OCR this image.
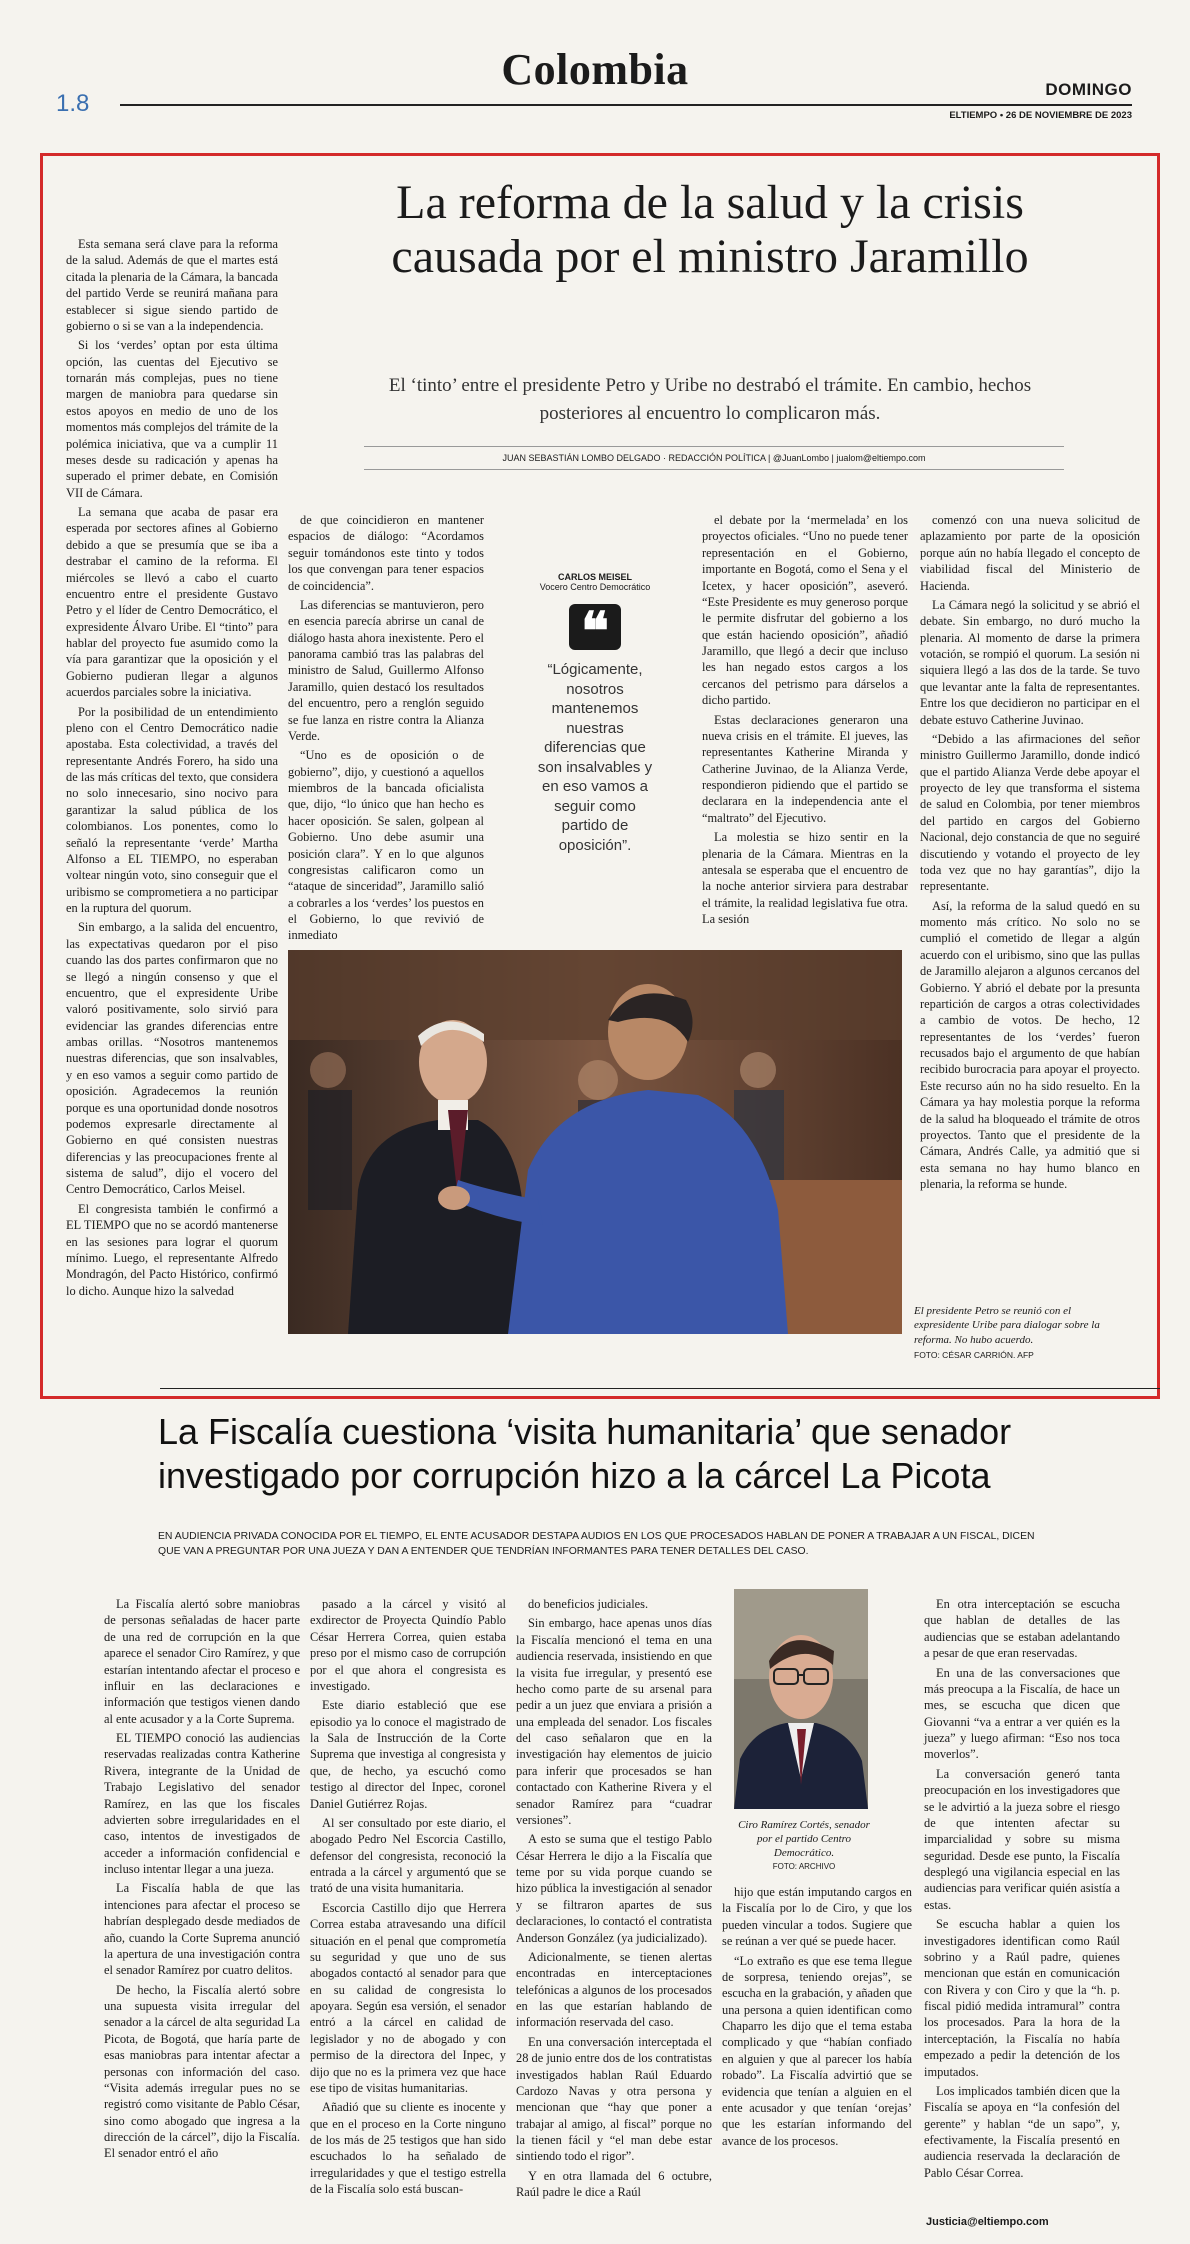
1.8
Colombia	DOMINGO
ELTIEMPO • 26 DE NOVIEMBRE DE 2023
La reforma de la salud y la crisis causada por el ministro Jaramillo
El ‘tinto’ entre el presidente Petro y Uribe no destrabó el trámite. En cambio, hechos posteriores al encuentro lo complicaron más.
JUAN SEBASTIÁN LOMBO DELGADO · REDACCIÓN POLÍTICA | @JuanLombo | jualom@eltiempo.com

Esta semana será clave para la reforma de la salud. Además de que el martes está citada la plenaria de la Cámara, la bancada del partido Verde se reunirá mañana para establecer si sigue siendo partido de gobierno o si se van a la independencia.

Si los ‘verdes’ optan por esta última opción, las cuentas del Ejecutivo se tornarán más complejas, pues no tiene margen de maniobra para quedarse sin estos apoyos en medio de uno de los momentos más complejos del trámite de la polémica iniciativa, que va a cumplir 11 meses desde su radicación y apenas ha superado el primer debate, en Comisión VII de Cámara.

La semana que acaba de pasar era esperada por sectores afines al Gobierno debido a que se presumía que se iba a destrabar el camino de la reforma. El miércoles se llevó a cabo el cuarto encuentro entre el presidente Gustavo Petro y el líder de Centro Democrático, el expresidente Álvaro Uribe. El “tinto” para hablar del proyecto fue asumido como la vía para garantizar que la oposición y el Gobierno pudieran llegar a algunos acuerdos parciales sobre la iniciativa.

Por la posibilidad de un entendimiento pleno con el Centro Democrático nadie apostaba. Esta colectividad, a través del representante Andrés Forero, ha sido una de las más críticas del texto, que considera no solo innecesario, sino nocivo para garantizar la salud pública de los colombianos. Los ponentes, como lo señaló la representante ‘verde’ Martha Alfonso a EL TIEMPO, no esperaban voltear ningún voto, sino conseguir que el uribismo se comprometiera a no participar en la ruptura del quorum.

Sin embargo, a la salida del encuentro, las expectativas quedaron por el piso cuando las dos partes confirmaron que no se llegó a ningún consenso y que el encuentro, que el expresidente Uribe valoró positivamente, solo sirvió para evidenciar las grandes diferencias entre ambas orillas. “Nosotros mantenemos nuestras diferencias, que son insalvables, y en eso vamos a seguir como partido de oposición. Agradecemos la reunión porque es una oportunidad donde nosotros podemos expresarle directamente al Gobierno en qué consisten nuestras diferencias y las preocupaciones frente al sistema de salud”, dijo el vocero del Centro Democrático, Carlos Meisel.

El congresista también le confirmó a EL TIEMPO que no se acordó mantenerse en las sesiones para lograr el quorum mínimo. Luego, el representante Alfredo Mondragón, del Pacto Histórico, confirmó lo dicho. Aunque hizo la salvedad

de que coincidieron en mantener espacios de diálogo: “Acordamos seguir tomándonos este tinto y todos los que convengan para tener espacios de coincidencia”.

Las diferencias se mantuvieron, pero en esencia parecía abrirse un canal de diálogo hasta ahora inexistente. Pero el panorama cambió tras las palabras del ministro de Salud, Guillermo Alfonso Jaramillo, quien destacó los resultados del encuentro, pero a renglón seguido se fue lanza en ristre contra la Alianza Verde.

“Uno es de oposición o de gobierno”, dijo, y cuestionó a aquellos miembros de la bancada oficialista que, dijo, “lo único que han hecho es hacer oposición. Se salen, golpean al Gobierno. Uno debe asumir una posición clara”. Y en lo que algunos congresistas calificaron como un “ataque de sinceridad”, Jaramillo salió a cobrarles a los ‘verdes’ los puestos en el Gobierno, lo que revivió de inmediato

el debate por la ‘mermelada’ en los proyectos oficiales. “Uno no puede tener representación en el Gobierno, importante en Bogotá, como el Sena y el Icetex, y hacer oposición”, aseveró. “Este Presidente es muy generoso porque le permite disfrutar del gobierno a los que están haciendo oposición”, añadió Jaramillo, que llegó a decir que incluso les han negado estos cargos a los cercanos del petrismo para dárselos a dicho partido.

Estas declaraciones generaron una nueva crisis en el trámite. El jueves, las representantes Katherine Miranda y Catherine Juvinao, de la Alianza Verde, respondieron pidiendo que el partido se declarara en la independencia ante el “maltrato” del Ejecutivo.

La molestia se hizo sentir en la plenaria de la Cámara. Mientras en la antesala se esperaba que el encuentro de la noche anterior sirviera para destrabar el trámite, la realidad legislativa fue otra. La sesión

comenzó con una nueva solicitud de aplazamiento por parte de la oposición porque aún no había llegado el concepto de viabilidad fiscal del Ministerio de Hacienda.

La Cámara negó la solicitud y se abrió el debate. Sin embargo, no duró mucho la plenaria. Al momento de darse la primera votación, se rompió el quorum. La sesión ni siquiera llegó a las dos de la tarde. Se tuvo que levantar ante la falta de representantes. Entre los que decidieron no participar en el debate estuvo Catherine Juvinao.

“Debido a las afirmaciones del señor ministro Guillermo Jaramillo, donde indicó que el partido Alianza Verde debe apoyar el proyecto de ley que transforma el sistema de salud en Colombia, por tener miembros del partido en cargos del Gobierno Nacional, dejo constancia de que no seguiré discutiendo y votando el proyecto de ley toda vez que no hay garantías”, dijo la representante.

Así, la reforma de la salud quedó en su momento más crítico. No solo no se cumplió el cometido de llegar a algún acuerdo con el uribismo, sino que las pullas de Jaramillo alejaron a algunos cercanos del Gobierno. Y abrió el debate por la presunta repartición de cargos a otras colectividades a cambio de votos. De hecho, 12 representantes de los ‘verdes’ fueron recusados bajo el argumento de que habían recibido burocracia para apoyar el proyecto. Este recurso aún no ha sido resuelto. En la Cámara ya hay molestia porque la reforma de la salud ha bloqueado el trámite de otros proyectos. Tanto que el presidente de la Cámara, Andrés Calle, ya admitió que si esta semana no hay humo blanco en plenaria, la reforma se hunde.

CARLOS MEISEL
Vocero Centro Democrático
❝
“Lógicamente, nosotros mantenemos nuestras diferencias que son insalvables y en eso vamos a seguir como partido de oposición”.
El presidente Petro se reunió con el expresidente Uribe para dialogar sobre la reforma. No hubo acuerdo.
FOTO: CÉSAR CARRIÓN. AFP
La Fiscalía cuestiona ‘visita humanitaria’ que senador investigado por corrupción hizo a la cárcel La Picota
EN AUDIENCIA PRIVADA CONOCIDA POR EL TIEMPO, EL ENTE ACUSADOR DESTAPA AUDIOS EN LOS QUE PROCESADOS HABLAN DE PONER A TRABAJAR A UN FISCAL, DICEN QUE VAN A PREGUNTAR POR UNA JUEZA Y DAN A ENTENDER QUE TENDRÍAN INFORMANTES PARA TENER DETALLES DEL CASO.

La Fiscalía alertó sobre maniobras de personas señaladas de hacer parte de una red de corrupción en la que aparece el senador Ciro Ramírez, y que estarían intentando afectar el proceso e influir en las declaraciones e información que testigos vienen dando al ente acusador y a la Corte Suprema.

EL TIEMPO conoció las audiencias reservadas realizadas contra Katherine Rivera, integrante de la Unidad de Trabajo Legislativo del senador Ramírez, en las que los fiscales advierten sobre irregularidades en el caso, intentos de investigados de acceder a información confidencial e incluso intentar llegar a una jueza.

La Fiscalía habla de que las intenciones para afectar el proceso se habrían desplegado desde mediados de año, cuando la Corte Suprema anunció la apertura de una investigación contra el senador Ramírez por cuatro delitos.

De hecho, la Fiscalía alertó sobre una supuesta visita irregular del senador a la cárcel de alta seguridad La Picota, de Bogotá, que haría parte de esas maniobras para intentar afectar a personas con información del caso. “Visita además irregular pues no se registró como visitante de Pablo César, sino como abogado que ingresa a la dirección de la cárcel”, dijo la Fiscalía. El senador entró el año

pasado a la cárcel y visitó al exdirector de Proyecta Quindío Pablo César Herrera Correa, quien estaba preso por el mismo caso de corrupción por el que ahora el congresista es investigado.

Este diario estableció que ese episodio ya lo conoce el magistrado de la Sala de Instrucción de la Corte Suprema que investiga al congresista y que, de hecho, ya escuchó como testigo al director del Inpec, coronel Daniel Gutiérrez Rojas.

Al ser consultado por este diario, el abogado Pedro Nel Escorcia Castillo, defensor del congresista, reconoció la entrada a la cárcel y argumentó que se trató de una visita humanitaria.

Escorcia Castillo dijo que Herrera Correa estaba atravesando una difícil situación en el penal que comprometía su seguridad y que uno de sus abogados contactó al senador para que en su calidad de congresista lo apoyara. Según esa versión, el senador entró a la cárcel en calidad de legislador y no de abogado y con permiso de la directora del Inpec, y dijo que no es la primera vez que hace ese tipo de visitas humanitarias.

Añadió que su cliente es inocente y que en el proceso en la Corte ninguno de los más de 25 testigos que han sido escuchados lo ha señalado de irregularidades y que el testigo estrella de la Fiscalía solo está buscan-

do beneficios judiciales.

Sin embargo, hace apenas unos días la Fiscalía mencionó el tema en una audiencia reservada, insistiendo en que la visita fue irregular, y presentó ese hecho como parte de su arsenal para pedir a un juez que enviara a prisión a una empleada del senador. Los fiscales del caso señalaron que en la investigación hay elementos de juicio para inferir que procesados se han contactado con Katherine Rivera y el senador Ramírez para “cuadrar versiones”.

A esto se suma que el testigo Pablo César Herrera le dijo a la Fiscalía que teme por su vida porque cuando se hizo pública la investigación al senador y se filtraron apartes de sus declaraciones, lo contactó el contratista Anderson González (ya judicializado).

Adicionalmente, se tienen alertas encontradas en interceptaciones telefónicas a algunos de los procesados en las que estarían hablando de información reservada del caso.

En una conversación interceptada el 28 de junio entre dos de los contratistas investigados hablan Raúl Eduardo Cardozo Navas y otra persona y mencionan que “hay que poner a trabajar al amigo, al fiscal” porque no la tienen fácil y “el man debe estar sintiendo todo el rigor”.

Y en otra llamada del 6 octubre, Raúl padre le dice a Raúl

hijo que están imputando cargos en la Fiscalía por lo de Ciro, y que los pueden vincular a todos. Sugiere que se reúnan a ver qué se puede hacer.

“Lo extraño es que ese tema llegue de sorpresa, teniendo orejas”, se escucha en la grabación, y añaden que una persona a quien identifican como Chaparro les dijo que el tema estaba complicado y que “habían confiado en alguien y que al parecer los había robado”. La Fiscalía advirtió que se evidencia que tenían a alguien en el ente acusador y que tenían ‘orejas’ que les estarían informando del avance de los procesos.

En otra interceptación se escucha que hablan de detalles de las audiencias que se estaban adelantando a pesar de que eran reservadas.

En una de las conversaciones que más preocupa a la Fiscalía, de hace un mes, se escucha que dicen que Giovanni “va a entrar a ver quién es la jueza” y luego afirman: “Eso nos toca moverlos”.

La conversación generó tanta preocupación en los investigadores que se le advirtió a la jueza sobre el riesgo de que intenten afectar su imparcialidad y sobre su misma seguridad. Desde ese punto, la Fiscalía desplegó una vigilancia especial en las audiencias para verificar quién asistía a estas.

Se escucha hablar a quien los investigadores identifican como Raúl sobrino y a Raúl padre, quienes mencionan que están en comunicación con Rivera y con Ciro y que la “h. p. fiscal pidió medida intramural” contra los procesados. Para la hora de la interceptación, la Fiscalía no había empezado a pedir la detención de los imputados.

Los implicados también dicen que la Fiscalía se apoya en “la confesión del gerente” y hablan “de un sapo”, y, efectivamente, la Fiscalía presentó en audiencia reservada la declaración de Pablo César Correa.

Ciro Ramírez Cortés, senador por el partido Centro Democrático.
FOTO: ARCHIVO
Justicia@eltiempo.com
